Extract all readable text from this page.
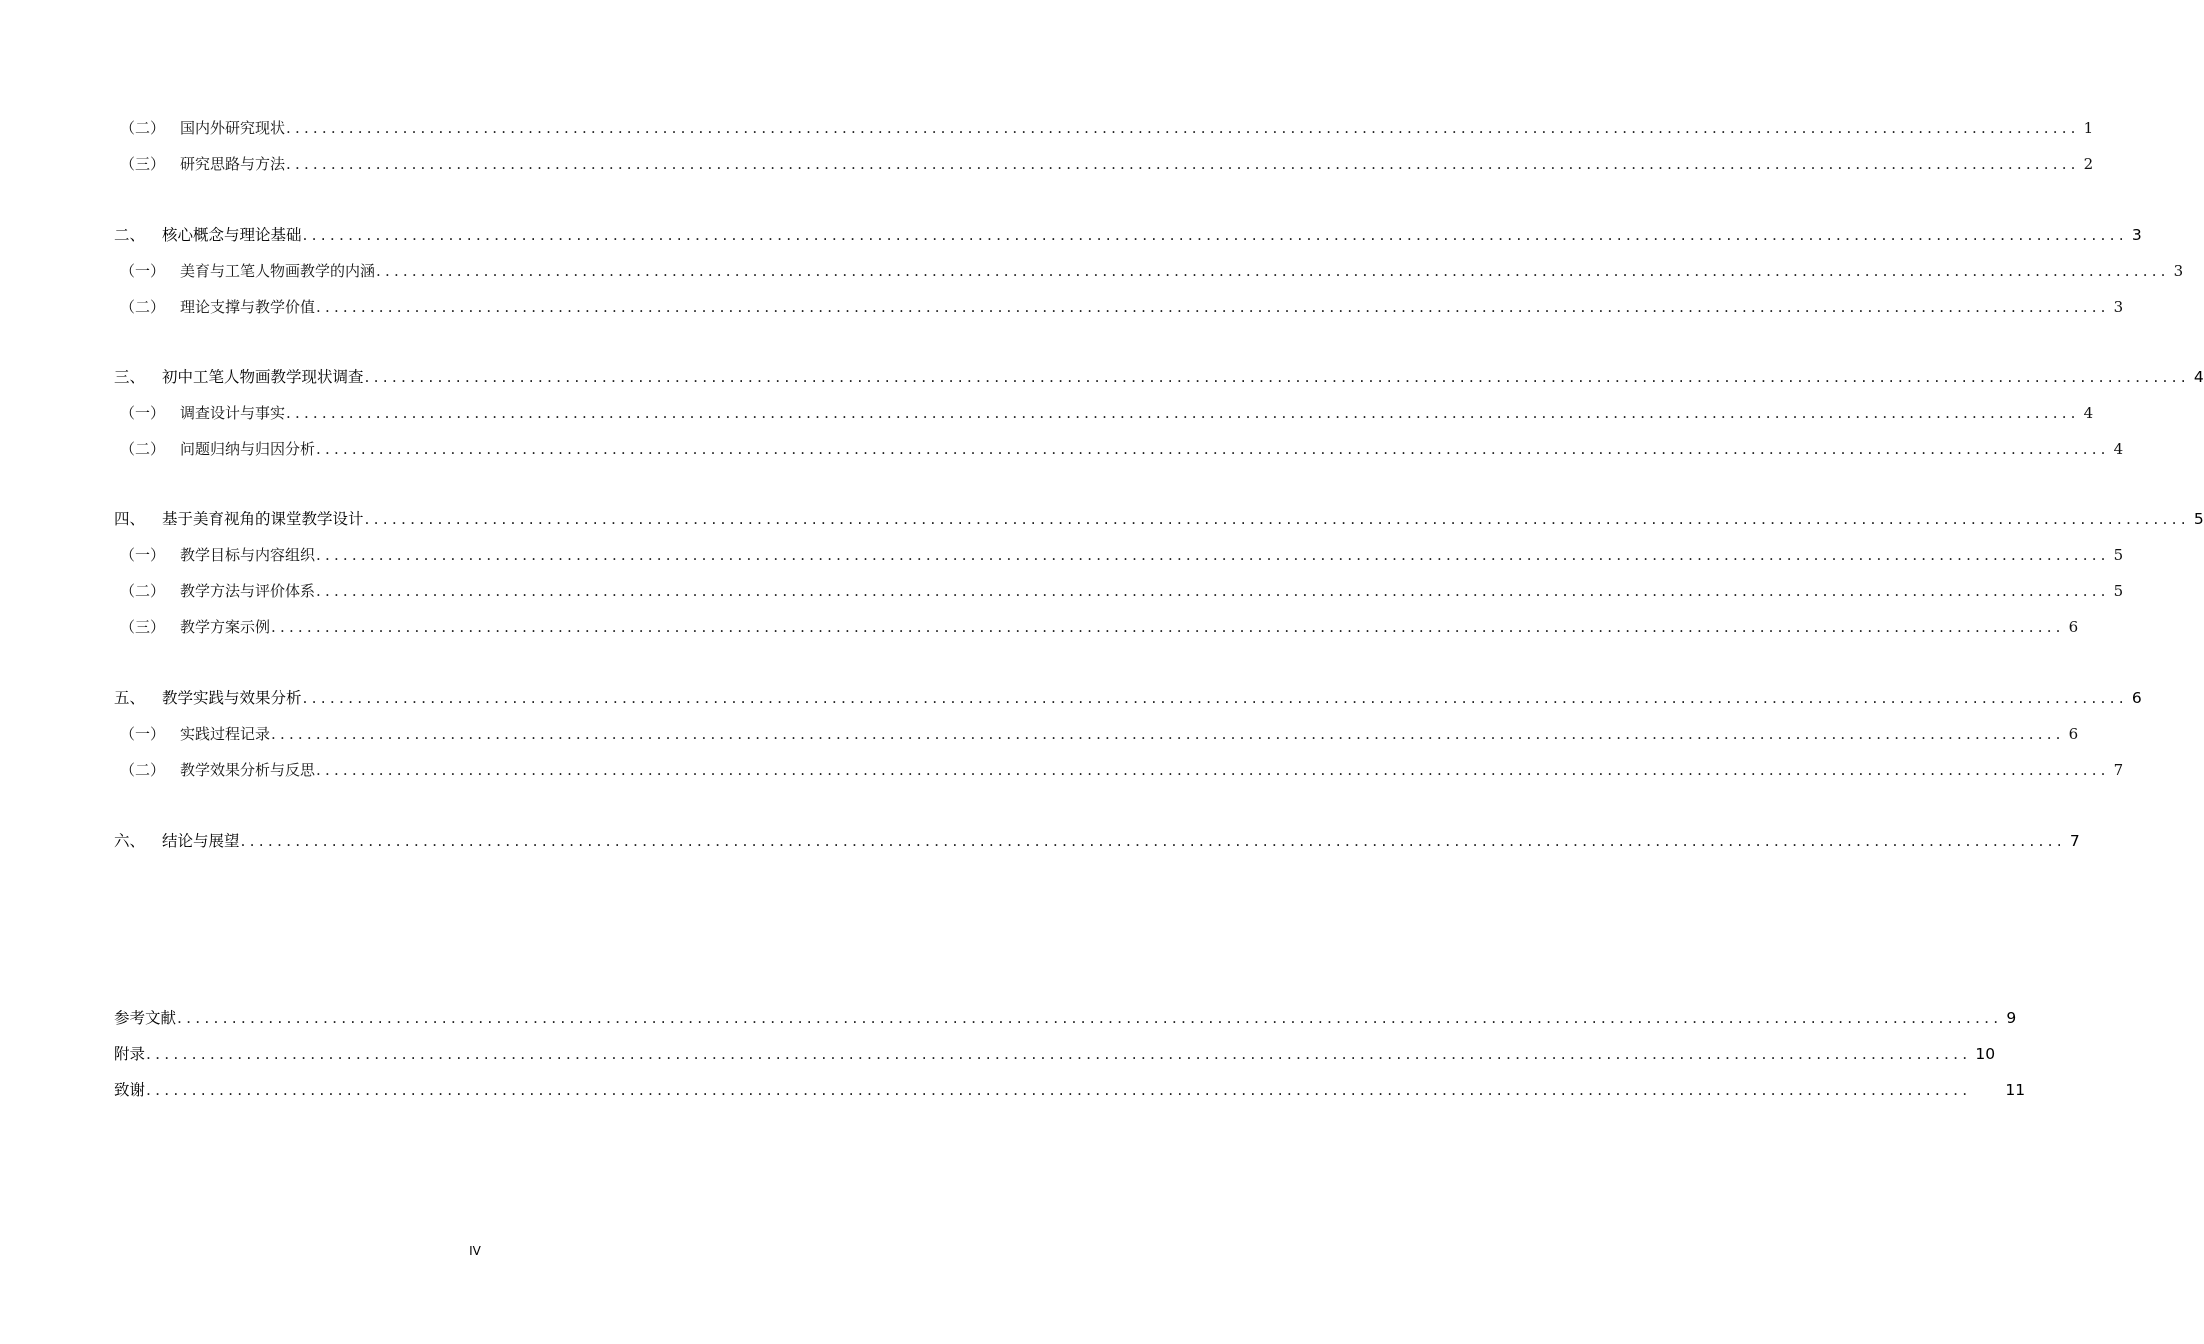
（二） 国内外研究现状 ........................................................................................................................................................................................................ 1
（三） 研究思路与方法 ........................................................................................................................................................................................................ 2
二、	核心概念与理论基础 ........................................................................................................................................................................................................ 3
（一） 美育与工笔人物画教学的内涵 ........................................................................................................................................................................................................ 3
（二） 理论支撑与教学价值 ........................................................................................................................................................................................................ 3
三、	初中工笔人物画教学现状调查 ........................................................................................................................................................................................................ 4
（一） 调查设计与事实 ........................................................................................................................................................................................................ 4
（二） 问题归纳与归因分析 ........................................................................................................................................................................................................ 4
四、	基于美育视角的课堂教学设计 ........................................................................................................................................................................................................ 5
（一） 教学目标与内容组织 ........................................................................................................................................................................................................ 5
（二） 教学方法与评价体系 ........................................................................................................................................................................................................ 5
（三） 教学方案示例 ........................................................................................................................................................................................................ 6
五、	教学实践与效果分析 ........................................................................................................................................................................................................ 6
（一） 实践过程记录 ........................................................................................................................................................................................................ 6
（二） 教学效果分析与反思 ........................................................................................................................................................................................................ 7
六、	结论与展望 ........................................................................................................................................................................................................ 7
参考文献 ........................................................................................................................................................................................................ 9
附录 ........................................................................................................................................................................................................ 10
致谢 ........................................................................................................................................................................................................ 11
IV
